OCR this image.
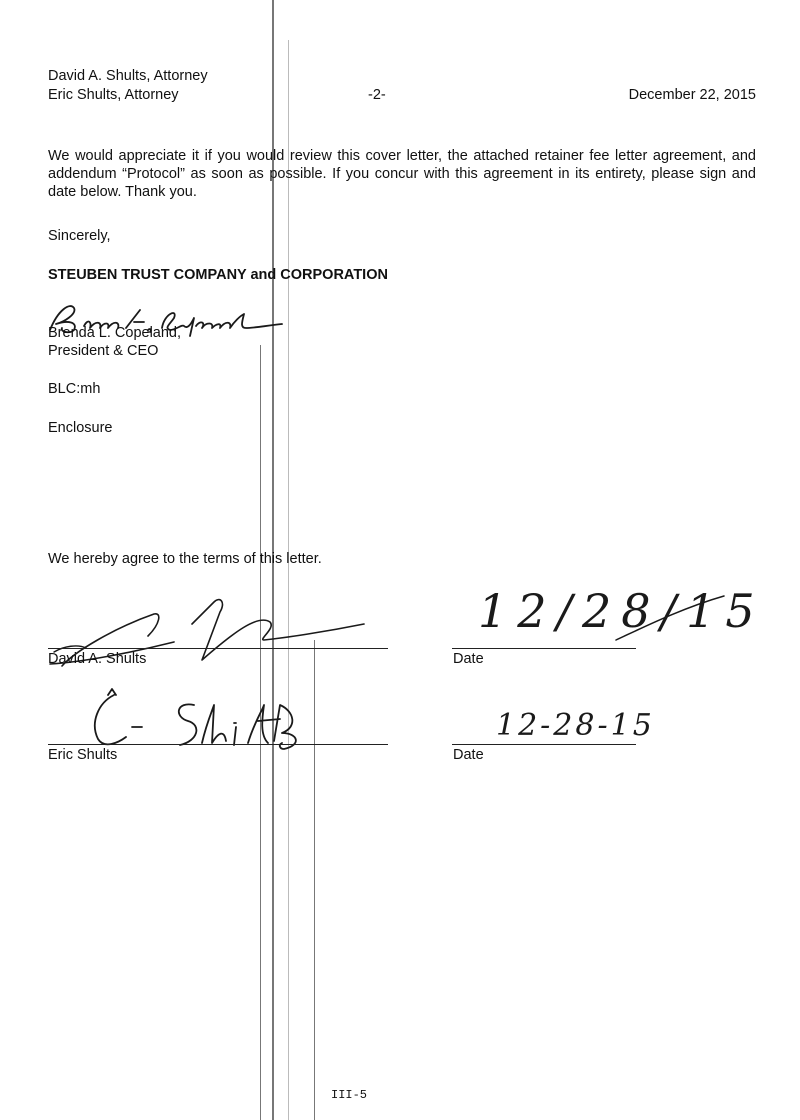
David A. Shults, Attorney
Eric Shults, Attorney	-2-	December 22, 2015
We would appreciate it if you would review this cover letter, the attached retainer fee letter agreement, and addendum “Protocol” as soon as possible. If you concur with this agreement in its entirety, please sign and date below. Thank you.
Sincerely,
STEUBEN TRUST COMPANY and CORPORATION
Brenda L. Copeland,
President & CEO
BLC:mh
Enclosure
We hereby agree to the terms of this letter.
David A. Shults
12/28/15
Date
Eric Shults
12-28-15
Date
III-5
